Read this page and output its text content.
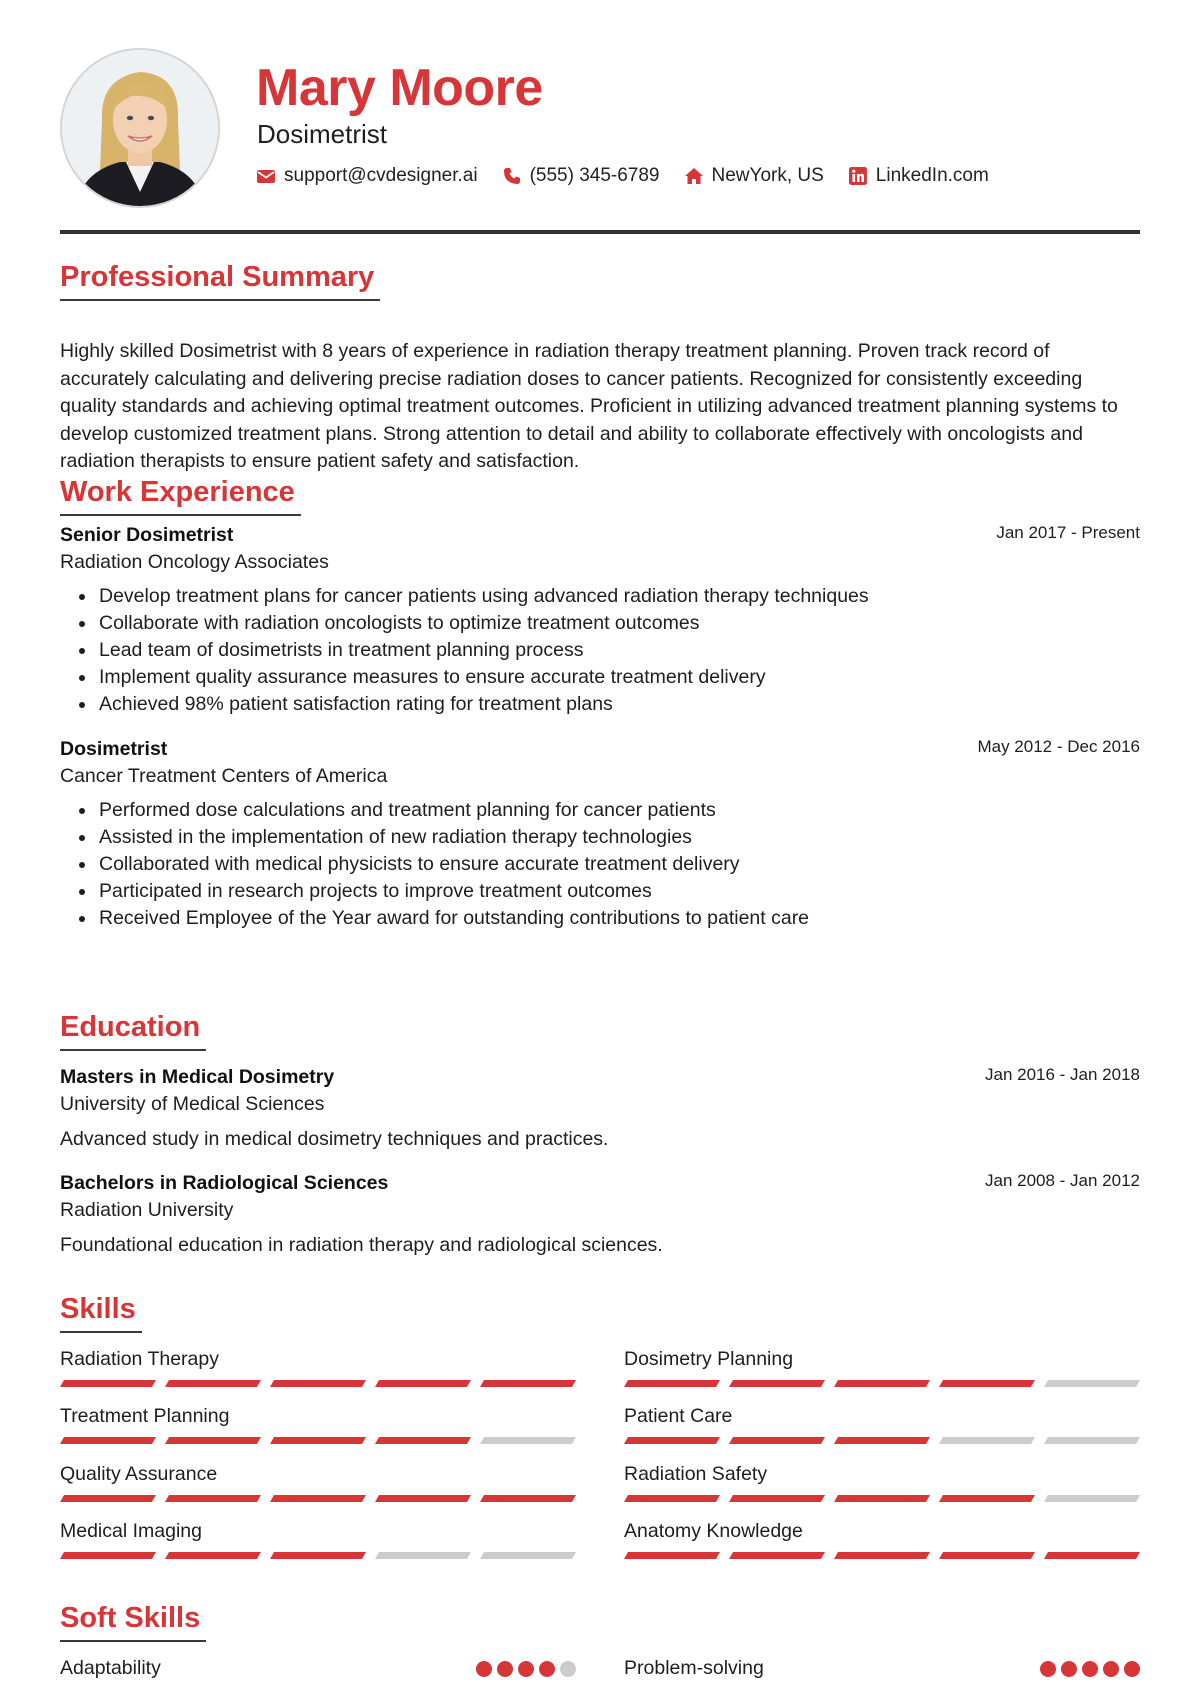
Mary Moore
Dosimetrist
support@cvdesigner.ai	(555) 345-6789	NewYork, US	LinkedIn.com
Professional Summary

Highly skilled Dosimetrist with 8 years of experience in radiation therapy treatment planning. Proven track record of accurately calculating and delivering precise radiation doses to cancer patients. Recognized for consistently exceeding quality standards and achieving optimal treatment outcomes. Proficient in utilizing advanced treatment planning systems to develop customized treatment plans. Strong attention to detail and ability to collaborate effectively with oncologists and radiation therapists to ensure patient safety and satisfaction.

Work Experience
Senior Dosimetrist	Jan 2017 - Present
Radiation Oncology Associates
• Develop treatment plans for cancer patients using advanced radiation therapy techniques
• Collaborate with radiation oncologists to optimize treatment outcomes
• Lead team of dosimetrists in treatment planning process
• Implement quality assurance measures to ensure accurate treatment delivery
• Achieved 98% patient satisfaction rating for treatment plans
Dosimetrist	May 2012 - Dec 2016
Cancer Treatment Centers of America
• Performed dose calculations and treatment planning for cancer patients
• Assisted in the implementation of new radiation therapy technologies
• Collaborated with medical physicists to ensure accurate treatment delivery
• Participated in research projects to improve treatment outcomes
• Received Employee of the Year award for outstanding contributions to patient care
Education
Masters in Medical Dosimetry	Jan 2016 - Jan 2018
University of Medical Sciences
Advanced study in medical dosimetry techniques and practices.
Bachelors in Radiological Sciences	Jan 2008 - Jan 2012
Radiation University
Foundational education in radiation therapy and radiological sciences.
Skills
Radiation Therapy	Dosimetry Planning
Treatment Planning	Patient Care
Quality Assurance	Radiation Safety
Medical Imaging	Anatomy Knowledge
Soft Skills
Adaptability	Problem-solving
